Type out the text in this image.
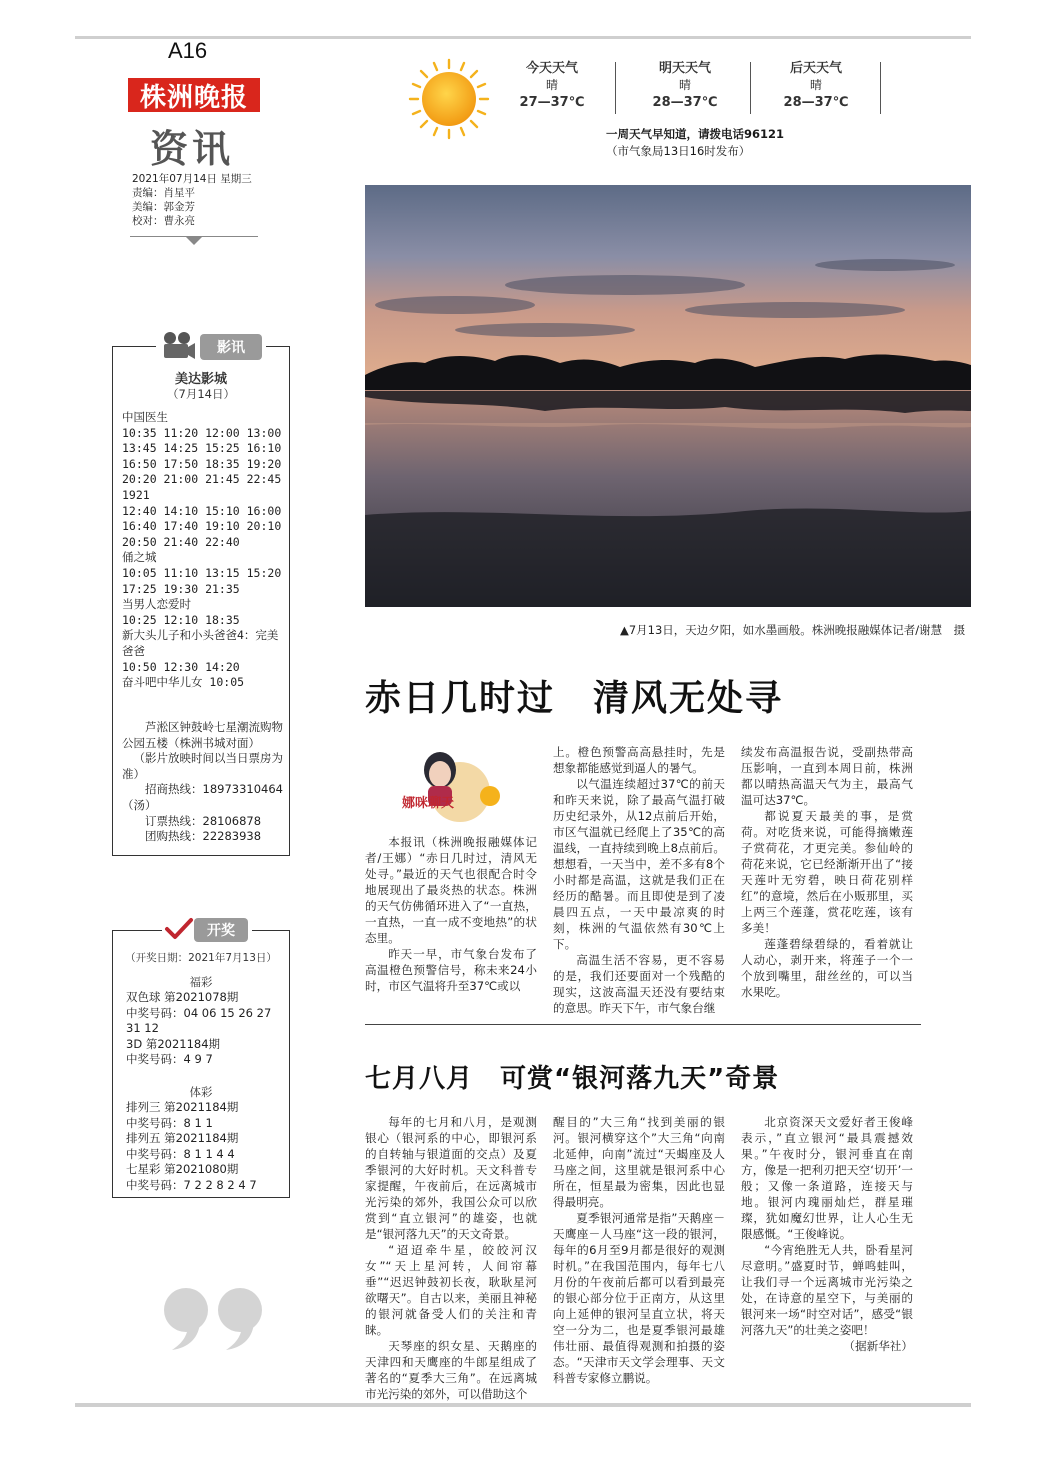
A16
株洲晚报
资讯
2021年07月14日 星期三
责编：肖星平
美编：郭金芳
校对：曹永亮
今天天气
晴
27—37℃
明天天气
晴
28—37℃
后天天气
晴
28—37℃
一周天气早知道，请拨电话96121
（市气象局13日16时发布）
▲7月13日，天边夕阳，如水墨画般。株洲晚报融媒体记者/谢慧　摄
赤日几时过　清风无处寻
娜咪聊天

本报讯（株洲晚报融媒体记者/王娜）“赤日几时过，清风无处寻。”最近的天气也很配合时令地展现出了最炎热的状态。株洲的天气仿佛循环进入了“一直热，一直热，一直一成不变地热”的状态里。

昨天一早，市气象台发布了高温橙色预警信号，称未来24小时，市区气温将升至37℃或以

上。橙色预警高高悬挂时，先是想象都能感觉到逼人的暑气。

以气温连续超过37℃的前天和昨天来说，除了最高气温打破历史纪录外，从12点前后开始，市区气温就已经爬上了35℃的高温线，一直持续到晚上8点前后。想想看，一天当中，差不多有8个小时都是高温，这就是我们正在经历的酷暑。而且即使是到了凌晨四五点，一天中最凉爽的时刻，株洲的气温依然有30℃上下。

高温生活不容易，更不容易的是，我们还要面对一个残酷的现实，这波高温天还没有要结束的意思。昨天下午，市气象台继

续发布高温报告说，受副热带高压影响，一直到本周日前，株洲都以晴热高温天气为主，最高气温可达37℃。

都说夏天最美的事，是赏荷。对吃货来说，可能得摘嫩莲子赏荷花，才更完美。参仙岭的荷花来说，它已经渐渐开出了“接天莲叶无穷碧，映日荷花别样红”的意境，然后在小贩那里，买上两三个莲蓬，赏花吃莲，该有多美！

莲蓬碧绿碧绿的，看着就让人动心，剥开来，将莲子一个一个放到嘴里，甜丝丝的，可以当水果吃。

七月八月　可赏“银河落九天”奇景

每年的七月和八月，是观测银心（银河系的中心，即银河系的自转轴与银道面的交点）及夏季银河的大好时机。天文科普专家提醒，午夜前后，在远离城市光污染的郊外，我国公众可以欣赏到“直立银河”的雄姿，也就是“银河落九天”的天文奇景。

“迢迢牵牛星，皎皎河汉女”“天上星河转，人间帘幕垂”“迟迟钟鼓初长夜，耿耿星河欲曙天”。自古以来，美丽且神秘的银河就备受人们的关注和青睐。

天琴座的织女星、天鹅座的天津四和天鹰座的牛郎星组成了著名的“夏季大三角”。在远离城市光污染的郊外，可以借助这个

醒目的”大三角“找到美丽的银河。银河横穿这个”大三角“向南北延伸，向南”流过“天蝎座及人马座之间，这里就是银河系中心所在，恒星最为密集，因此也显得最明亮。

夏季银河通常是指”天鹅座－天鹰座－人马座“这一段的银河，每年的6月至9月都是很好的观测时机。”在我国范围内，每年七八月份的午夜前后都可以看到最亮的银心部分位于正南方，从这里向上延伸的银河呈直立状，将天空一分为二，也是夏季银河最雄伟壮丽、最值得观测和拍摄的姿态。“天津市天文学会理事、天文科普专家修立鹏说。

北京资深天文爱好者王俊峰表示，”直立银河“最具震撼效果。”午夜时分，银河垂直在南方，像是一把利刃把天空‘切开’一般；又像一条道路，连接天与地。银河内瑰丽灿烂，群星璀璨，犹如魔幻世界，让人心生无限感慨。“王俊峰说。

“今宵绝胜无人共，卧看星河尽意明。”盛夏时节，蝉鸣蛙叫，让我们寻一个远离城市光污染之处，在诗意的星空下，与美丽的银河来一场“时空对话”，感受“银河落九天”的壮美之姿吧！

（据新华社）

影讯
美达影城
（7月14日）
中国医生
10:35 11:20 12:00 13:00
13:45 14:25 15:25 16:10
16:50 17:50 18:35 19:20
20:20 21:00 21:45 22:45
1921
12:40 14:10 15:10 16:00
16:40 17:40 19:10 20:10
20:50 21:40 22:40
俑之城
10:05 11:10 13:15 15:20
17:25 19:30 21:35
当男人恋爱时
10:25 12:10 18:35
新大头儿子和小头爸爸4：完美
爸爸
10:50 12:30 14:20
奋斗吧中华儿女 10:05
芦淞区钟鼓岭七星潮流购物公园五楼（株洲书城对面）
（影片放映时间以当日票房为准）
招商热线：18973310464（汤）
订票热线：28106878
团购热线：22283938
开奖
（开奖日期：2021年7月13日）
福彩
双色球 第2021078期
中奖号码：04 06 15 26 27
31 12
3D 第2021184期
中奖号码：4 9 7
体彩
排列三 第2021184期
中奖号码：8 1 1
排列五 第2021184期
中奖号码：8 1 1 4 4
七星彩 第2021080期
中奖号码：7 2 2 8 2 4 7
